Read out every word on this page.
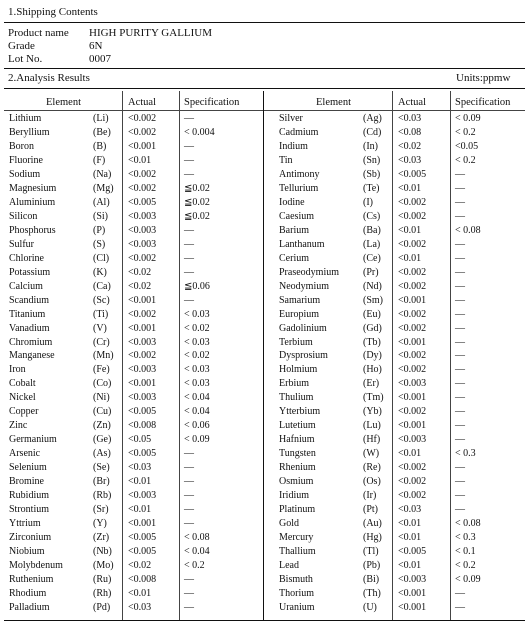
1.Shipping Contents
Product name HIGH PURITY GALLIUM
Grade	6N
Lot No.	0007
2.Analysis Results	Units:ppmw
Element	Actual	Specification	Element	Actual	Specification
Lithium	(Li) <0.002	—
Beryllium	(Be) <0.002	< 0.004
Boron	(B) <0.001	—
Fluorine	(F) <0.01	—
Sodium	(Na) <0.002	—
Magnesium	(Mg) <0.002	≦0.02
Aluminium	(Al) <0.005	≦0.02
Silicon	(Si) <0.003	≦0.02
Phosphorus	(P) <0.003	—
Sulfur	(S) <0.003	—
Chlorine	(Cl) <0.002	—
Potassium	(K) <0.02	—
Calcium	(Ca) <0.02	≦0.06
Scandium	(Sc) <0.001	—
Titanium	(Ti) <0.002	< 0.03
Vanadium	(V) <0.001	< 0.02
Chromium	(Cr) <0.003	< 0.03
Manganese	(Mn) <0.002	< 0.02
Iron	(Fe) <0.003	< 0.03
Cobalt	(Co) <0.001	< 0.03
Nickel	(Ni) <0.003	< 0.04
Copper	(Cu) <0.005	< 0.04
Zinc	(Zn) <0.008	< 0.06
Germanium	(Ge) <0.05	< 0.09
Arsenic	(As) <0.005	—
Selenium	(Se) <0.03	—
Bromine	(Br) <0.01	—
Rubidium	(Rb) <0.003	—
Strontium	(Sr) <0.01	—
Yttrium	(Y) <0.001	—
Zirconium	(Zr) <0.005	< 0.08
Niobium	(Nb) <0.005	< 0.04
Molybdenum	(Mo) <0.02	< 0.2
Ruthenium	(Ru) <0.008	—
Rhodium	(Rh) <0.01	—
Palladium	(Pd) <0.03	—
Silver	(Ag) <0.03	< 0.09
Cadmium	(Cd) <0.08	< 0.2
Indium	(In) <0.02	<0.05
Tin	(Sn) <0.03	< 0.2
Antimony	(Sb) <0.005	—
Tellurium	(Te) <0.01	—
Iodine	(I)	<0.002	—
Caesium	(Cs) <0.002	—
Barium	(Ba) <0.01	< 0.08
Lanthanum	(La) <0.002	—
Cerium	(Ce) <0.01	—
Praseodymium (Pr) <0.002	—
Neodymium	(Nd) <0.002	—
Samarium	(Sm) <0.001	—
Europium	(Eu) <0.002	—
Gadolinium	(Gd) <0.002	—
Terbium	(Tb) <0.001	—
Dysprosium	(Dy) <0.002	—
Holmium	(Ho) <0.002	—
Erbium	(Er) <0.003	—
Thulium	(Tm) <0.001	—
Ytterbium	(Yb) <0.002	—
Lutetium	(Lu) <0.001	—
Hafnium	(Hf) <0.003	—
Tungsten	(W) <0.01	< 0.3
Rhenium	(Re) <0.002	—
Osmium	(Os) <0.002	—
Iridium	(Ir) <0.002	—
Platinum	(Pt) <0.03	—
Gold	(Au) <0.01	< 0.08
Mercury	(Hg) <0.01	< 0.3
Thallium	(Tl) <0.005	< 0.1
Lead	(Pb) <0.01	< 0.2
Bismuth	(Bi) <0.003	< 0.09
Thorium	(Th) <0.001	—
Uranium	(U) <0.001	—
